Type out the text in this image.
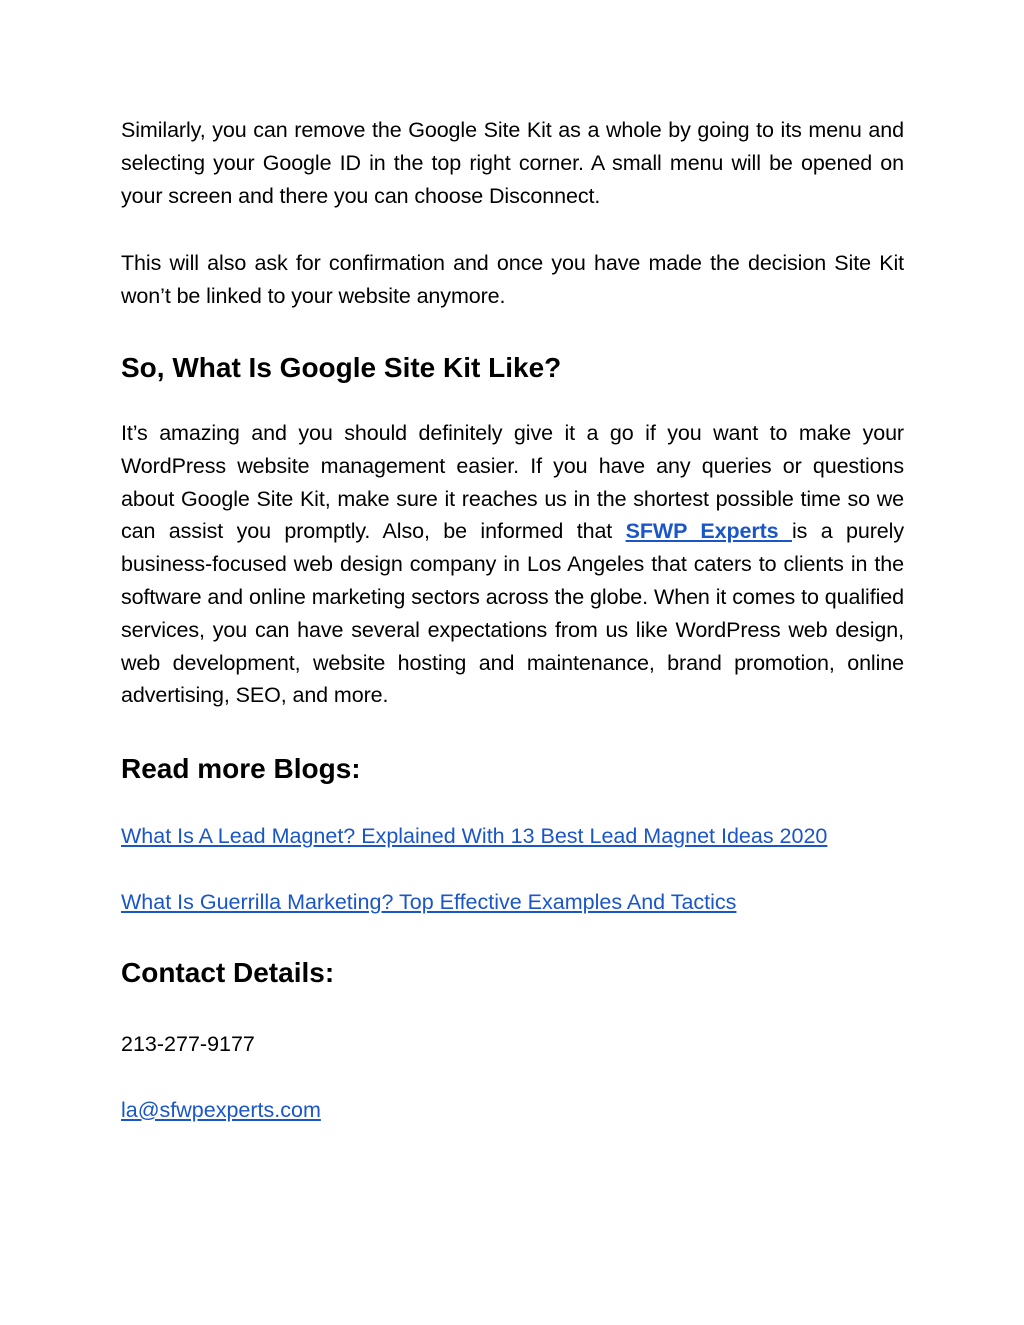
Similarly, you can remove the Google Site Kit as a whole by going to its menu and selecting your Google ID in the top right corner. A small menu will be opened on your screen and there you can choose Disconnect.

This will also ask for confirmation and once you have made the decision Site Kit won’t be linked to your website anymore.

So, What Is Google Site Kit Like?

It’s amazing and you should definitely give it a go if you want to make your WordPress website management easier. If you have any queries or questions about Google Site Kit, make sure it reaches us in the shortest possible time so we can assist you promptly. Also, be informed that SFWP Experts is a purely business-focused web design company in Los Angeles that caters to clients in the software and online marketing sectors across the globe. When it comes to qualified services, you can have several expectations from us like WordPress web design, web development, website hosting and maintenance, brand promotion, online advertising, SEO, and more.

Read more Blogs:
What Is A Lead Magnet? Explained With 13 Best Lead Magnet Ideas 2020
What Is Guerrilla Marketing? Top Effective Examples And Tactics
Contact Details:

213-277-9177

la@sfwpexperts.com
